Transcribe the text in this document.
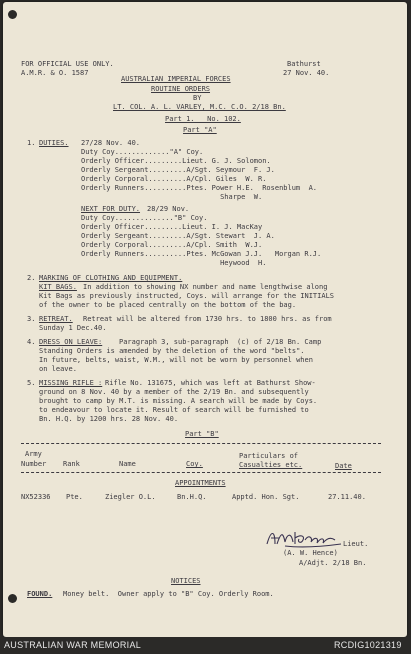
FOR OFFICIAL USE ONLY.
A.M.R. & O. 1587
Bathurst
27 Nov. 40.
AUSTRALIAN IMPERIAL FORCES
ROUTINE ORDERS
BY
LT. COL. A. L. VARLEY, M.C. C.O. 2/18 Bn.
Part 1.   No. 102.
Part "A"
1. DUTIES. 27/28 Nov. 40.
Duty Coy............."A" Coy.
Orderly Officer.........Lieut. G. J. Solomon.
Orderly Sergeant.........A/Sgt. Seymour  F. J.
Orderly Corporal.........A/Cpl. Giles  W. R.
Orderly Runners..........Ptes. Power H.E.  Rosenblum  A.
Sharpe  W.
NEXT FOR DUTY. 28/29 Nov.
Duty Coy.............."B" Coy.
Orderly Officer.........Lieut. I. J. MacKay
Orderly Sergeant.........A/Sgt. Stewart  J. A.
Orderly Corporal.........A/Cpl. Smith  W.J.
Orderly Runners..........Ptes. McGowan J.J.   Morgan R.J.
Heywood  H.
2. MARKING OF CLOTHING AND EQUIPMENT.
KIT BAGS. In addition to showing NX number and name lengthwise along
Kit Bags as previously instructed, Coys. will arrange for the INITIALS
of the owner to be placed centrally on the bottom of the bag.
3. RETREAT. Retreat will be altered from 1730 hrs. to 1800 hrs. as from
Sunday 1 Dec.40.
4. DRESS ON LEAVE: Paragraph 3, sub-paragraph  (c) of 2/18 Bn. Camp
Standing Orders is amended by the deletion of the word "belts".
In future, belts, waist, W.M., will not be worn by personnel when
on leave.
5. MISSING RIFLE : Rifle No. 131675, which was left at Bathurst Show-
ground on 8 Nov. 40 by a member of the 2/19 Bn. and subsequently
brought to camp by M.T. is missing. A search will be made by Coys.
to endeavour to locate it. Result of search will be furnished to
Bn. H.Q. by 1200 hrs. 28 Nov. 40.
Part "B"
Army
Number Rank	Name	Coy.
Particulars of
Casualties etc.	Date
APPOINTMENTS
NX52336 Pte.	Ziegler O.L.	Bn.H.Q.	Apptd. Hon. Sgt.	27.11.40.
Lieut.
(A. W. Hence)
A/Adjt. 2/18 Bn.
NOTICES
FOUND. Money belt.  Owner apply to "B" Coy. Orderly Room.
AUSTRALIAN WAR MEMORIAL	RCDIG1021319
